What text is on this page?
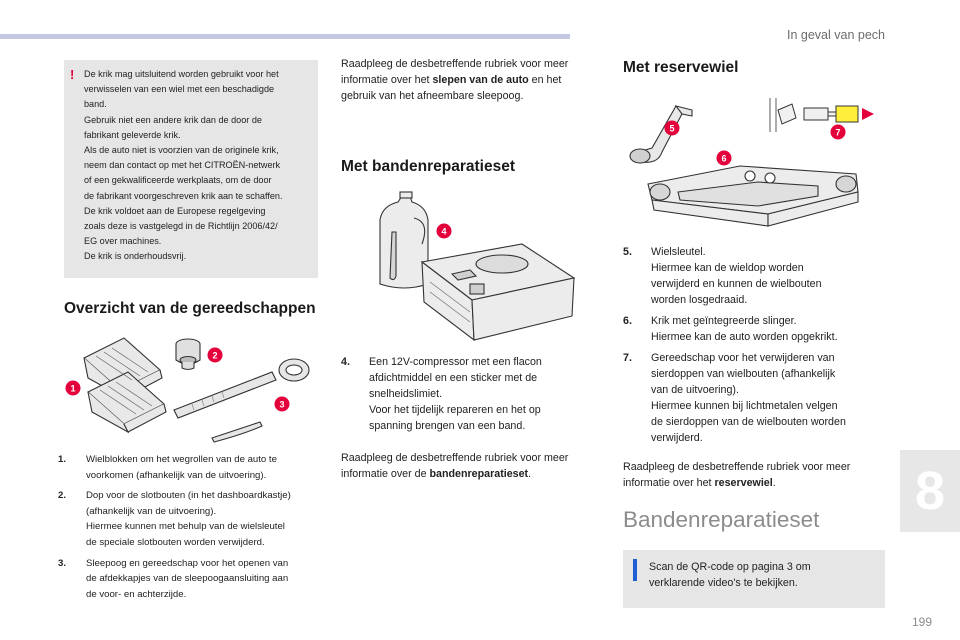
In geval van pech
! De krik mag uitsluitend worden gebruikt voor het
verwisselen van een wiel met een beschadigde
band.
Gebruik niet een andere krik dan de door de
fabrikant geleverde krik.
Als de auto niet is voorzien van de originele krik,
neem dan contact op met het CITROËN-netwerk
of een gekwalificeerde werkplaats, om de door
de fabrikant voorgeschreven krik aan te schaffen.
De krik voldoet aan de Europese regelgeving
zoals deze is vastgelegd in de Richtlijn 2006/42/
EG over machines.
De krik is onderhoudsvrij.
Overzicht van de gereedschappen
1
2
3
1.	Wielblokken om het wegrollen van de auto te
voorkomen (afhankelijk van de uitvoering).
2.	Dop voor de slotbouten (in het dashboardkastje)
(afhankelijk van de uitvoering).
Hiermee kunnen met behulp van de wielsleutel
de speciale slotbouten worden verwijderd.
3.	Sleepoog en gereedschap voor het openen van
de afdekkapjes van de sleepoogaansluiting aan
de voor- en achterzijde.
Raadpleeg de desbetreffende rubriek voor meer informatie over het slepen van de auto en het gebruik van het afneembare sleepoog.
Met bandenreparatieset
4
4.	Een 12V-compressor met een flacon
afdichtmiddel en een sticker met de
snelheidslimiet.
Voor het tijdelijk repareren en het op
spanning brengen van een band.
Raadpleeg de desbetreffende rubriek voor meer informatie over de bandenreparatieset.
Met reservewiel
5
6
7
5.	Wielsleutel.
Hiermee kan de wieldop worden
verwijderd en kunnen de wielbouten
worden losgedraaid.
6.	Krik met geïntegreerde slinger.
Hiermee kan de auto worden opgekrikt.
7.	Gereedschap voor het verwijderen van
sierdoppen van wielbouten (afhankelijk
van de uitvoering).
Hiermee kunnen bij lichtmetalen velgen
de sierdoppen van de wielbouten worden
verwijderd.
Raadpleeg de desbetreffende rubriek voor meer informatie over het reservewiel.
Bandenreparatieset
Scan de QR-code op pagina 3 om
verklarende video's te bekijken.
8
199
